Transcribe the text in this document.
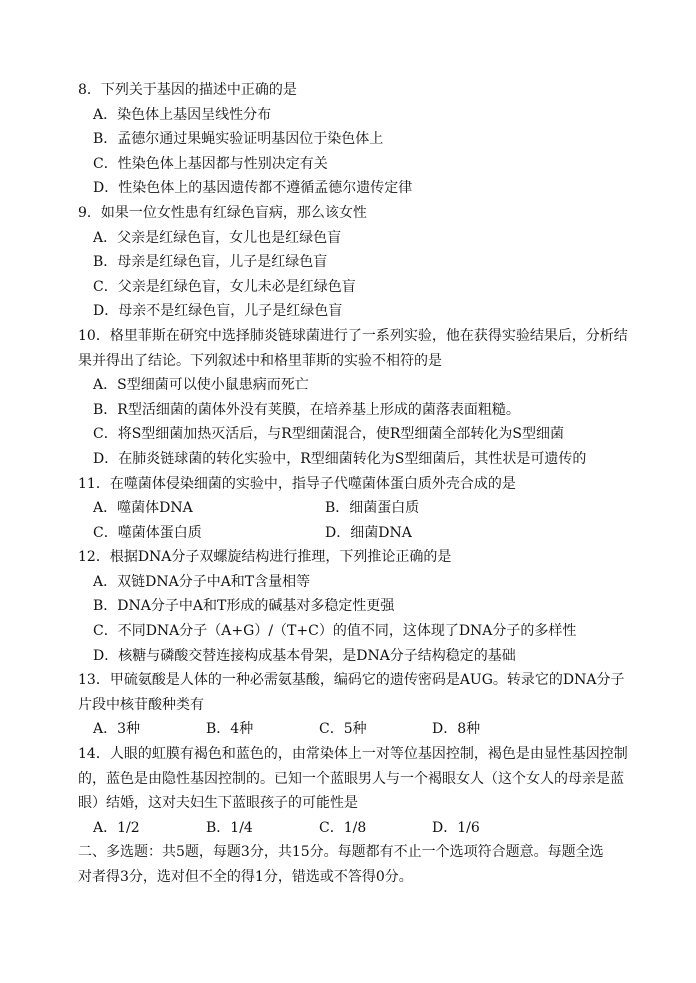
8．下列关于基因的描述中正确的是
A．染色体上基因呈线性分布
B．孟德尔通过果蝇实验证明基因位于染色体上
C．性染色体上基因都与性别决定有关
D．性染色体上的基因遗传都不遵循孟德尔遗传定律
9．如果一位女性患有红绿色盲病，那么该女性
A．父亲是红绿色盲，女儿也是红绿色盲
B．母亲是红绿色盲，儿子是红绿色盲
C．父亲是红绿色盲，女儿未必是红绿色盲
D．母亲不是红绿色盲，儿子是红绿色盲
10．格里菲斯在研究中选择肺炎链球菌进行了一系列实验，他在获得实验结果后，分析结
果并得出了结论。下列叙述中和格里菲斯的实验不相符的是
A．S型细菌可以使小鼠患病而死亡
B．R型活细菌的菌体外没有荚膜，在培养基上形成的菌落表面粗糙。
C．将S型细菌加热灭活后，与R型细菌混合，使R型细菌全部转化为S型细菌
D．在肺炎链球菌的转化实验中，R型细菌转化为S型细菌后，其性状是可遗传的
11．在噬菌体侵染细菌的实验中，指导子代噬菌体蛋白质外壳合成的是
A．噬菌体DNA	B．细菌蛋白质
C．噬菌体蛋白质	D．细菌DNA
12．根据DNA分子双螺旋结构进行推理，下列推论正确的是
A．双链DNA分子中A和T含量相等
B．DNA分子中A和T形成的碱基对多稳定性更强
C．不同DNA分子（A+G）/（T+C）的值不同，这体现了DNA分子的多样性
D．核糖与磷酸交替连接构成基本骨架，是DNA分子结构稳定的基础
13．甲硫氨酸是人体的一种必需氨基酸，编码它的遗传密码是AUG。转录它的DNA分子
片段中核苷酸种类有
A．3种	B．4种	C．5种	D．8种
14．人眼的虹膜有褐色和蓝色的，由常染体上一对等位基因控制，褐色是由显性基因控制
的，蓝色是由隐性基因控制的。已知一个蓝眼男人与一个褐眼女人（这个女人的母亲是蓝
眼）结婚，这对夫妇生下蓝眼孩子的可能性是
A．1/2	B．1/4	C．1/8	D．1/6
二、多选题：共5题，每题3分，共15分。每题都有不止一个选项符合题意。每题全选
对者得3分，选对但不全的得1分，错选或不答得0分。
